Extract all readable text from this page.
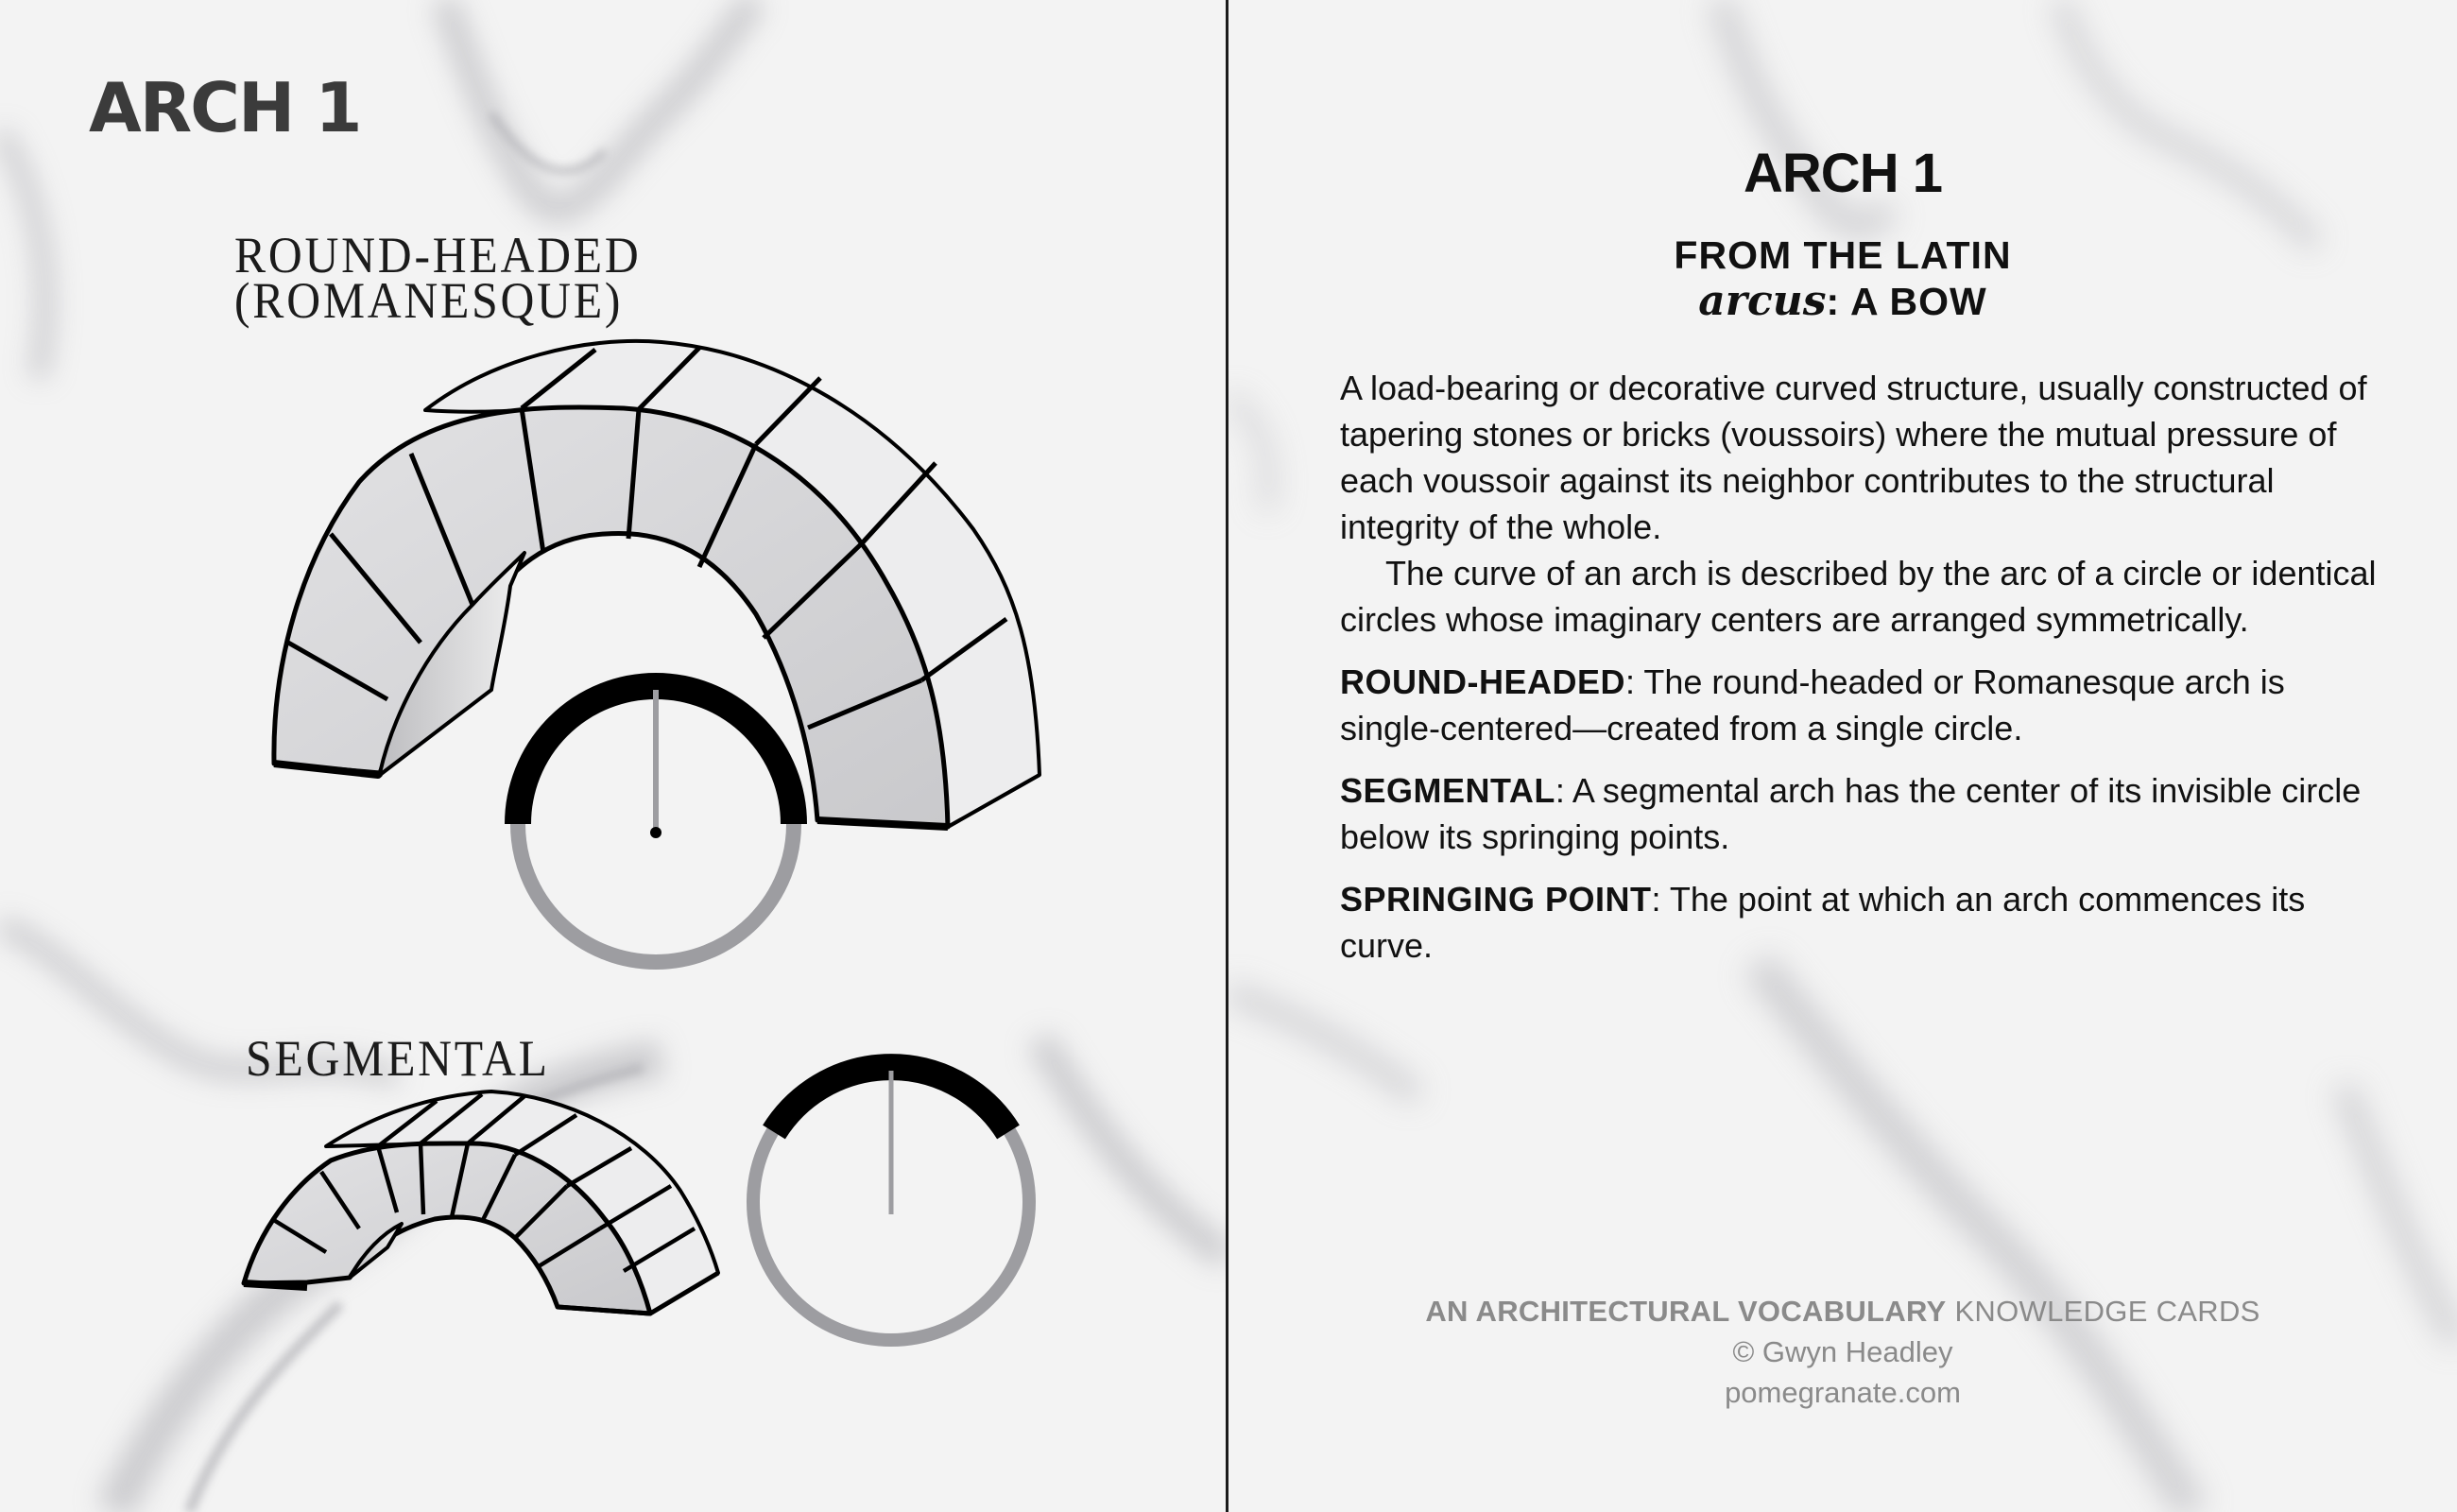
ARCH 1
ROUND-HEADED
(ROMANESQUE)
SEGMENTAL
ARCH 1
FROM THE LATIN
arcus: A BOW

A load-bearing or decorative curved structure, usually constructed of tapering stones or bricks (voussoirs) where the mutual pressure of each voussoir against its neighbor contributes to the structural integrity of the whole.

The curve of an arch is described by the arc of a circle or identical circles whose imaginary centers are arranged symmetrically.

ROUND-HEADED: The round-headed or Romanesque arch is single-centered—created from a single circle.

SEGMENTAL: A segmental arch has the center of its invisible circle below its springing points.

SPRINGING POINT: The point at which an arch commences its curve.

AN ARCHITECTURAL VOCABULARY KNOWLEDGE CARDS
© Gwyn Headley
pomegranate.com
